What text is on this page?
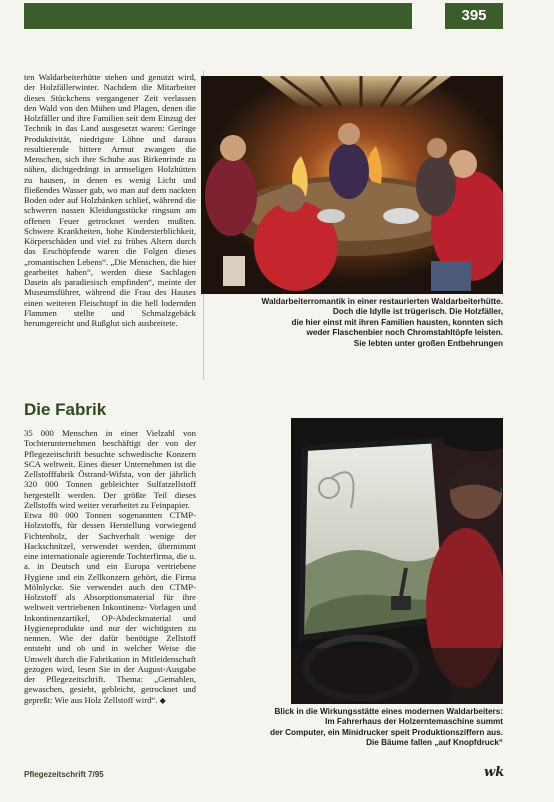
395

ten Waldarbeiterhütte stehen und genutzt wird, der Holzfällerwinter. Nachdem die Mitarbeiter dieses Stückchens vergangener Zeit verlassen den Wald von den Mühen und Plagen, denen die Holzfäller und ihre Familien seit dem Einzug der Technik in das Land ausgesetzt waren: Geringe Produktivität, niedrigste Löhne und daraus resultierende bittere Armut zwangen die Menschen, sich ihre Schuhe aus Birkenrinde zu nähen, dichtgedrängt in armseligen Holzhütten zu hausen, in denen es wenig Licht und fließendes Wasser gab, wo man auf dem nackten Boden oder auf Holzbänken schlief, während die schweren nassen Kleidungsstücke ringsum am offenen Feuer getrocknet werden mußten. Schwere Krankheiten, hohe Kindersterblichkeit, Körperschäden und viel zu frühes Altern durch das Erschöpfende waren die Folgen dieses „romantischen Lebens“. „Die Menschen, die hier gearbeitet haben“, werden diese Sachlagen Dasein als paradiesisch empfinden“, meinte der Museumsführer, während die Frau des Hauses einen weiteren Fleischtopf in die hell lodernden Flammen stellte und Schmalzgebäck herumgereicht und Rußglut sich ausbreitete.

Die Fabrik

35 000 Menschen in einer Vielzahl von Tochterunternehmen beschäftigt der von der Pflegezeitschrift besuchte schwedische Konzern SCA weltweit. Eines dieser Unternehmen ist die Zellstofffabrik Östrand-Wifsta, von der jährlich 320 000 Tonnen gebleichter Sulfatzellstoff hergestellt werden. Der größte Teil dieses Zellstoffs wird weiter verarbeitet zu Feinpapier.

Etwa 80 000 Tonnen sogenannten CTMP-Holzstoffs, für dessen Herstellung vorwiegend Fichtenholz, der Sachverhalt wenige der Hackschnitzel, verwendet werden, übernimmt eine internationale agierende Tochterfirma, die u. a. in Deutsch und ein Europa vertriebene Hygiene und ein Zellkonzern gehört, die Firma Mölnlycke. Sie verwendet auch den CTMP-Holzstoff als Absorptionsmaterial für ihre weltweit vertriebenen Inkontinenz- Vorlagen und Inkontinenzartikel, OP-Abdeckmaterial und Hygieneprodukte und nur der wichtigsten zu nennen. Wie der dafür benötigte Zellstoff entsteht und ob und in welcher Weise die Umwelt durch die Fabrikation in Mitleidenschaft gezogen wird, lesen Sie in der August-Ausgabe der Pflegezeitschrift. Thema: „Gemahlen, gewaschen, gesiebt, gebleicht, getrocknet und gepreßt: Wie aus Holz Zellstoff wird“. ◆

Waldarbeiterromantik in einer restaurierten Waldarbeiterhütte.
Doch die Idylle ist trügerisch. Die Holzfäller,
die hier einst mit ihren Familien hausten, konnten sich
weder Flaschenbier noch Chromstahltöpfe leisten.
Sie lebten unter großen Entbehrungen

Blick in die Wirkungsstätte eines modernen Waldarbeiters:
Im Fahrerhaus der Holzerntemaschine summt
der Computer, ein Minidrucker speit Produktionsziffern aus.
Die Bäume fallen „auf Knopfdruck“

Pflegezeitschrift 7/95	wk
